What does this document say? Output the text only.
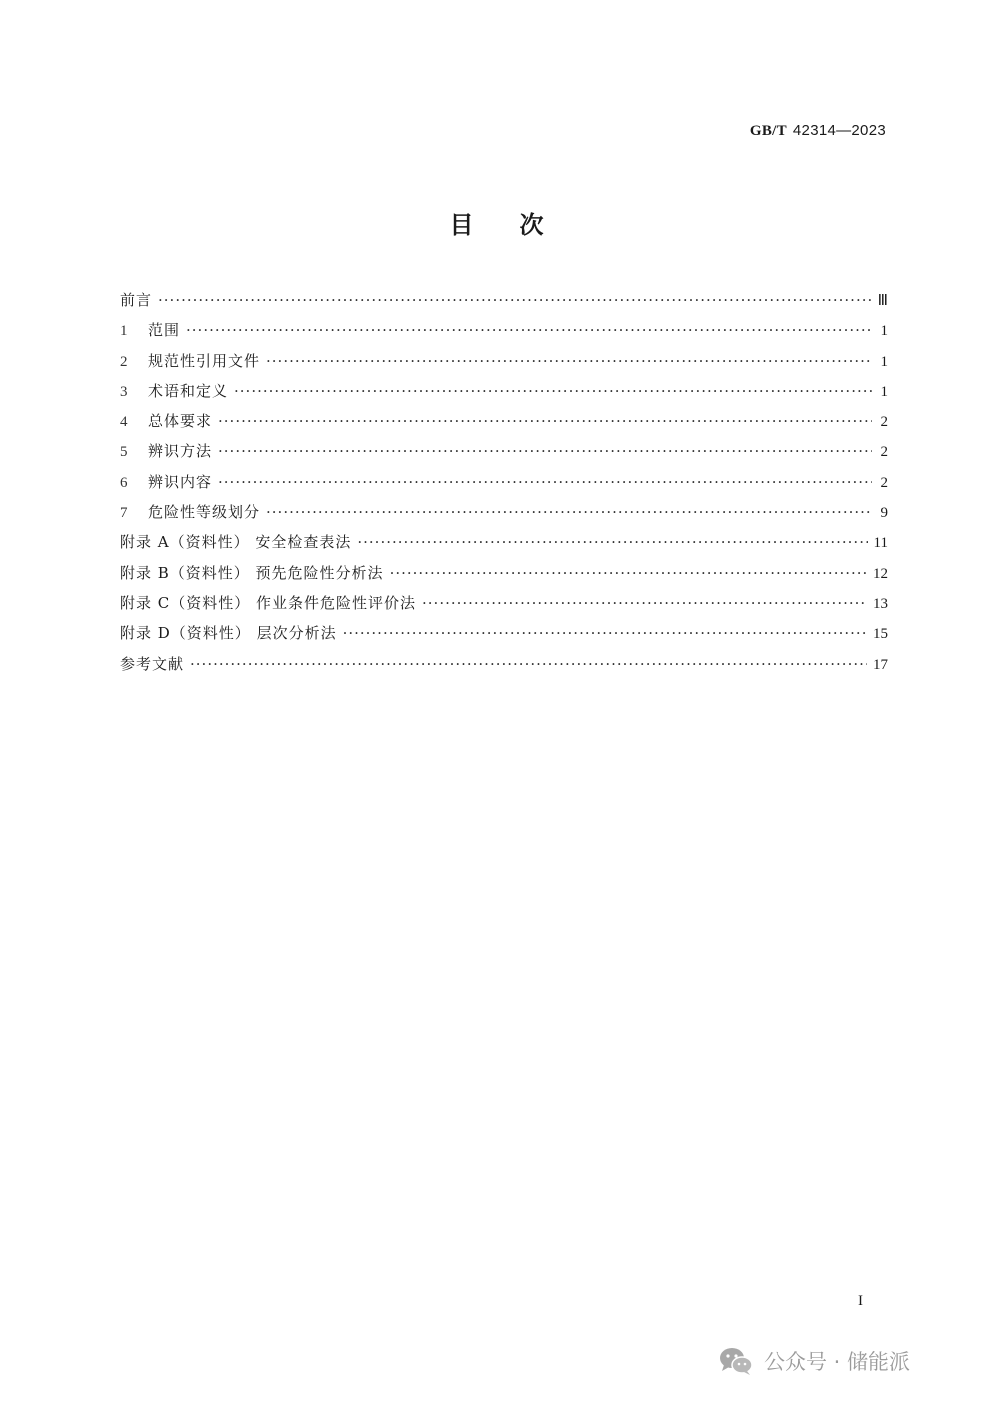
GB/T 42314—2023
目次
前言 ·····	Ⅲ
1	范围 ·····	1
2	规范性引用文件 ·····	1
3	术语和定义 ·····	1
4	总体要求 ·····	2
5	辨识方法 ·····	2
6	辨识内容 ·····	2
7	危险性等级划分 ·····	9
附录 A（资料性） 安全检查表法 ·····	11
附录 B（资料性） 预先危险性分析法 ·····	12
附录 C（资料性） 作业条件危险性评价法 ·····	13
附录 D（资料性） 层次分析法 ·····	15
参考文献 ·····	17
I
公众号 · 储能派
